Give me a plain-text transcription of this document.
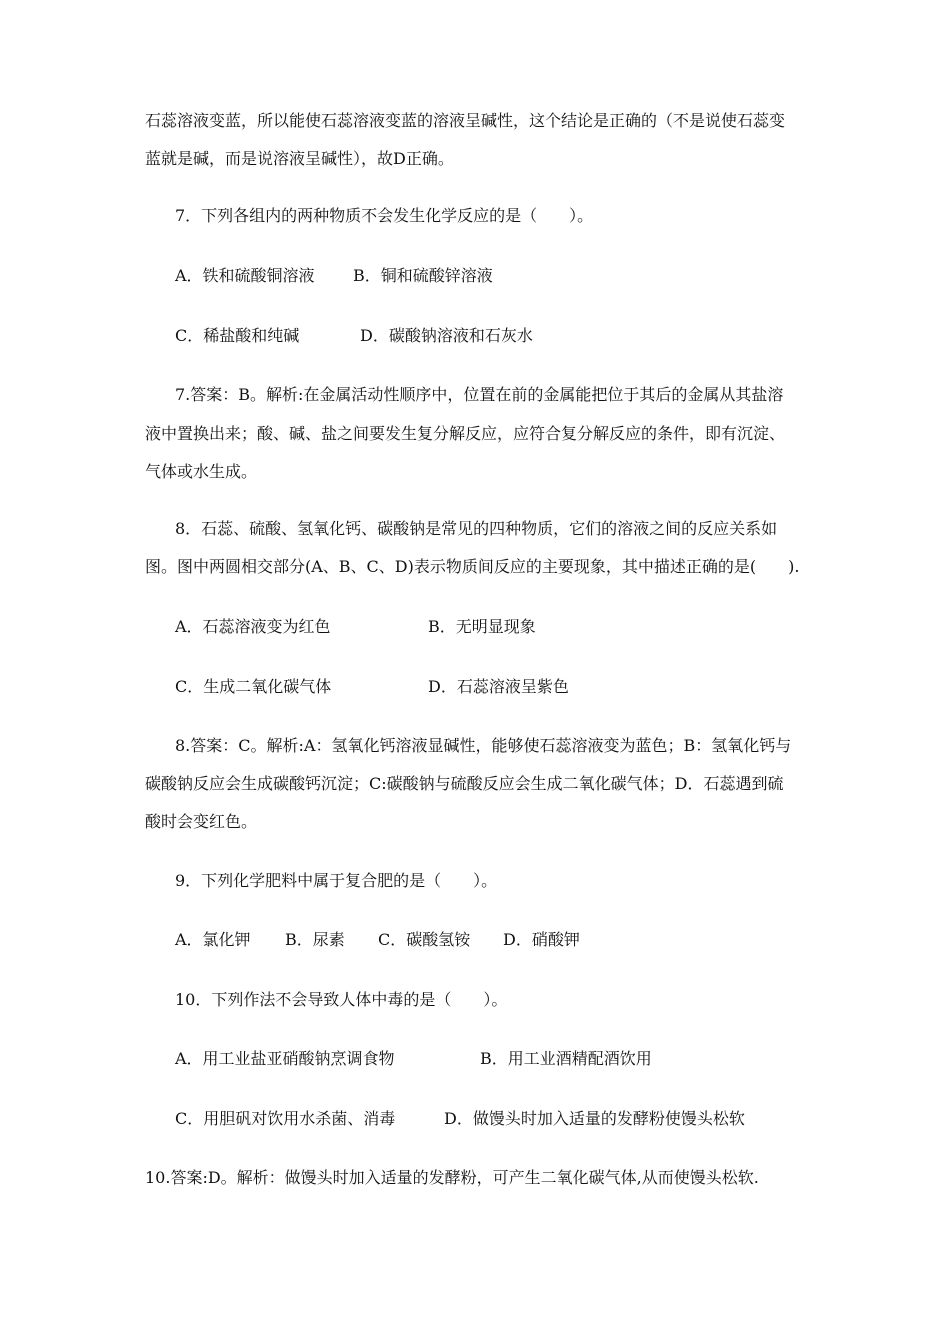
石蕊溶液变蓝，所以能使石蕊溶液变蓝的溶液呈碱性，这个结论是正确的（不是说使石蕊变
蓝就是碱，而是说溶液呈碱性），故D正确。
7．下列各组内的两种物质不会发生化学反应的是（　　）。
A．铁和硫酸铜溶液 B．铜和硫酸锌溶液
C．稀盐酸和纯碱	D．碳酸钠溶液和石灰水
7.答案：B。解析:在金属活动性顺序中，位置在前的金属能把位于其后的金属从其盐溶
液中置换出来；酸、碱、盐之间要发生复分解反应，应符合复分解反应的条件，即有沉淀、
气体或水生成。
8．石蕊、硫酸、氢氧化钙、碳酸钠是常见的四种物质，它们的溶液之间的反应关系如
图。图中两圆相交部分(A、B、C、D)表示物质间反应的主要现象，其中描述正确的是(　　).
A．石蕊溶液变为红色	B．无明显现象
C．生成二氧化碳气体	D．石蕊溶液呈紫色
8.答案：C。解析:A：氢氧化钙溶液显碱性，能够使石蕊溶液变为蓝色；B：氢氧化钙与
碳酸钠反应会生成碳酸钙沉淀；C:碳酸钠与硫酸反应会生成二氧化碳气体；D．石蕊遇到硫
酸时会变红色。
9．下列化学肥料中属于复合肥的是（　　）。
A．氯化钾 B．尿素 C．碳酸氢铵 D．硝酸钾
10．下列作法不会导致人体中毒的是（　　）。
A．用工业盐亚硝酸钠烹调食物	B．用工业酒精配酒饮用
C．用胆矾对饮用水杀菌、消毒	D．做馒头时加入适量的发酵粉使馒头松软
10.答案:D。解析：做馒头时加入适量的发酵粉，可产生二氧化碳气体,从而使馒头松软.
